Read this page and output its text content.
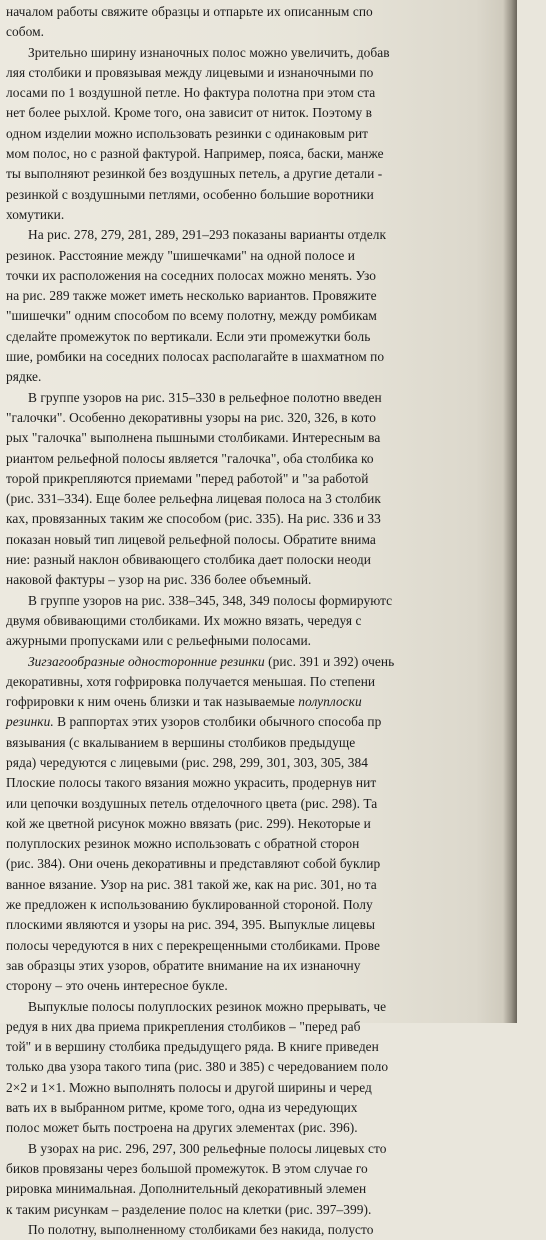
началом работы свяжите образцы и отпарьте их описанным спо
собом.
Зрительно ширину изнаночных полос можно увеличить, добав
ляя столбики и провязывая между лицевыми и изнаночными по
лосами по 1 воздушной петле. Но фактура полотна при этом ста
нет более рыхлой. Кроме того, она зависит от ниток. Поэтому в
одном изделии можно использовать резинки с одинаковым рит
мом полос, но с разной фактурой. Например, пояса, баски, манже
ты выполняют резинкой без воздушных петель, а другие детали -
резинкой с воздушными петлями, особенно большие воротники
хомутики.
На рис. 278, 279, 281, 289, 291–293 показаны варианты отделк
резинок. Расстояние между "шишечками" на одной полосе и
точки их расположения на соседних полосах можно менять. Узо
на рис. 289 также может иметь несколько вариантов. Провяжите
"шишечки" одним способом по всему полотну, между ромбикам
сделайте промежуток по вертикали. Если эти промежутки боль
шие, ромбики на соседних полосах располагайте в шахматном по
рядке.
В группе узоров на рис. 315–330 в рельефное полотно введен
"галочки". Особенно декоративны узоры на рис. 320, 326, в кото
рых "галочка" выполнена пышными столбиками. Интересным ва
риантом рельефной полосы является "галочка", оба столбика ко
торой прикрепляются приемами "перед работой" и "за работой
(рис. 331–334). Еще более рельефна лицевая полоса на 3 столбик
ках, провязанных таким же способом (рис. 335). На рис. 336 и 33
показан новый тип лицевой рельефной полосы. Обратите внима
ние: разный наклон обвивающего столбика дает полоски неоди
наковой фактуры – узор на рис. 336 более объемный.
В группе узоров на рис. 338–345, 348, 349 полосы формируютс
двумя обвивающими столбиками. Их можно вязать, чередуя с
ажурными пропусками или с рельефными полосами.
Зигзагообразные односторонние резинки (рис. 391 и 392) очень
декоративны, хотя гофрировка получается меньшая. По степени
гофрировки к ним очень близки и так называемые полуплоски
резинки. В раппортах этих узоров столбики обычного способа пр
вязывания (с вкалыванием в вершины столбиков предыдуще
ряда) чередуются с лицевыми (рис. 298, 299, 301, 303, 305, 384
Плоские полосы такого вязания можно украсить, продернув нит
или цепочки воздушных петель отделочного цвета (рис. 298). Та
кой же цветной рисунок можно ввязать (рис. 299). Некоторые и
полуплоских резинок можно использовать с обратной сторон
(рис. 384). Они очень декоративны и представляют собой буклир
ванное вязание. Узор на рис. 381 такой же, как на рис. 301, но та
же предложен к использованию буклированной стороной. Полу
плоскими являются и узоры на рис. 394, 395. Выпуклые лицевы
полосы чередуются в них с перекрещенными столбиками. Прове
зав образцы этих узоров, обратите внимание на их изнаночну
сторону – это очень интересное букле.
Выпуклые полосы полуплоских резинок можно прерывать, че
редуя в них два приема прикрепления столбиков – "перед раб
той" и в вершину столбика предыдущего ряда. В книге приведен
только два узора такого типа (рис. 380 и 385) с чередованием поло
2×2 и 1×1. Можно выполнять полосы и другой ширины и черед
вать их в выбранном ритме, кроме того, одна из чередующих
полос может быть построена на других элементах (рис. 396).
В узорах на рис. 296, 297, 300 рельефные полосы лицевых сто
биков провязаны через большой промежуток. В этом случае го
рировка минимальная. Дополнительный декоративный элемен
к таким рисункам – разделение полос на клетки (рис. 397–399).
По полотну, выполненному столбиками без накида, полусто
